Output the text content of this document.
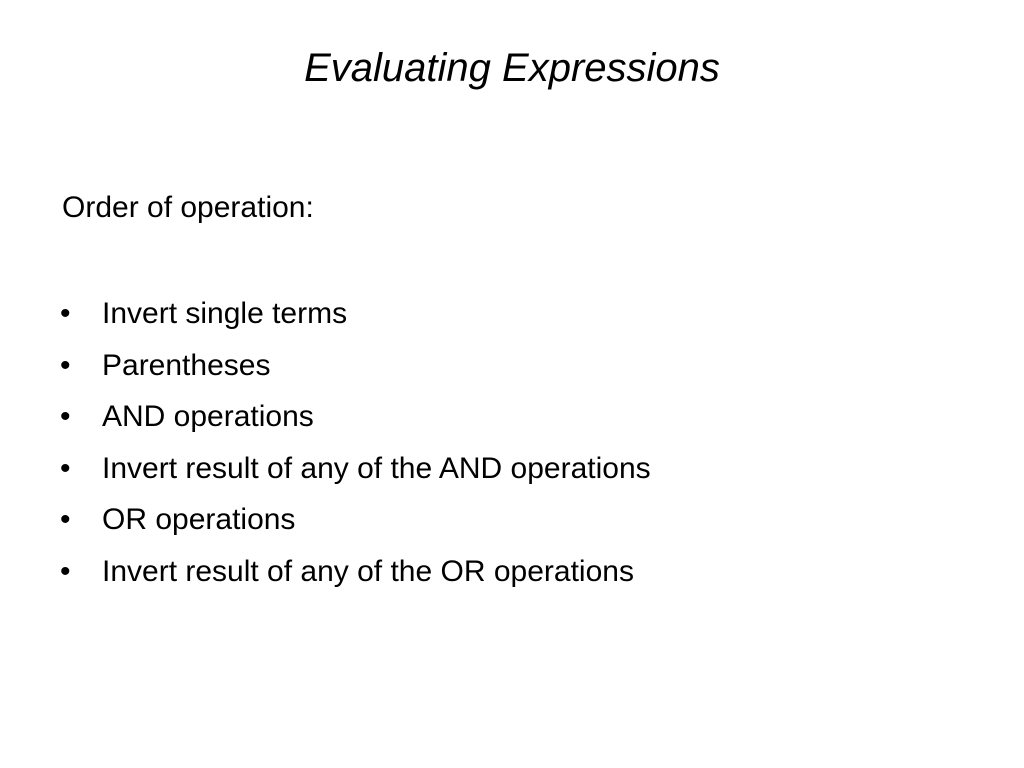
Evaluating Expressions

Order of operation:

•	Invert single terms
•	Parentheses
•	AND operations
•	Invert result of any of the AND operations
•	OR operations
•	Invert result of any of the OR operations
